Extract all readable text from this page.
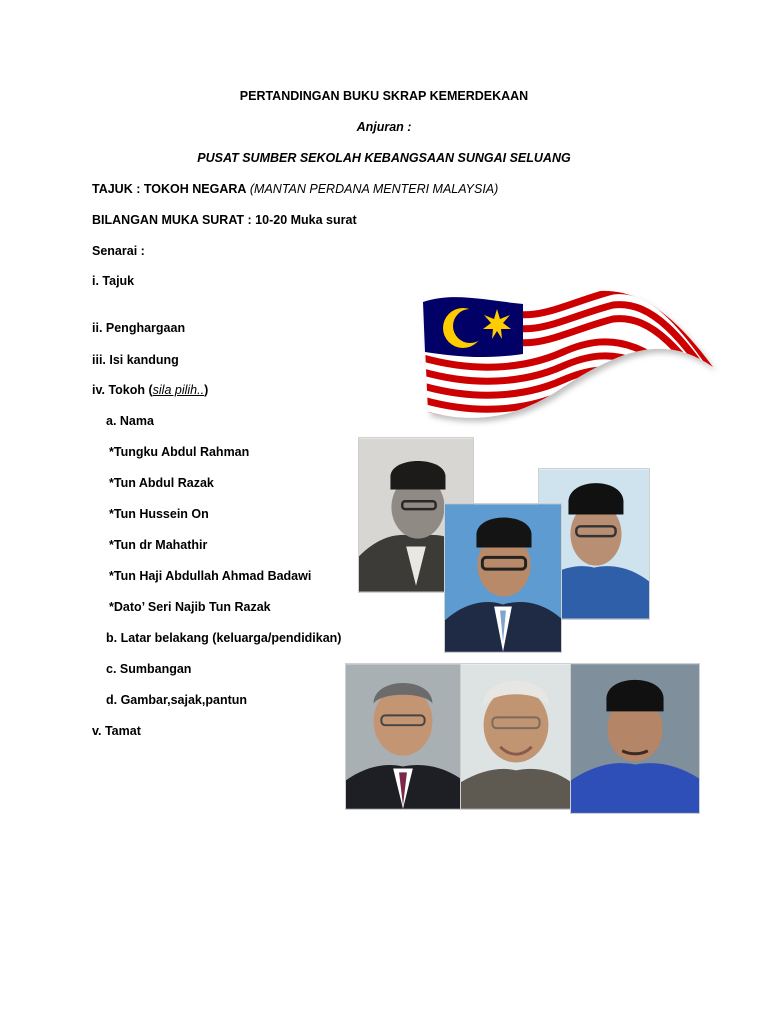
PERTANDINGAN BUKU SKRAP KEMERDEKAAN
Anjuran :
PUSAT SUMBER SEKOLAH KEBANGSAAN SUNGAI SELUANG
TAJUK : TOKOH NEGARA (MANTAN PERDANA MENTERI MALAYSIA)
BILANGAN MUKA SURAT : 10-20 Muka surat
Senarai :
i. Tajuk
ii. Penghargaan
iii. Isi kandung
iv. Tokoh (sila pilih..)
a. Nama
*Tungku Abdul Rahman
*Tun Abdul Razak
*Tun Hussein On
*Tun dr Mahathir
*Tun Haji Abdullah Ahmad Badawi
*Dato’ Seri Najib Tun Razak
b. Latar belakang (keluarga/pendidikan)
c. Sumbangan
d. Gambar,sajak,pantun
v. Tamat
